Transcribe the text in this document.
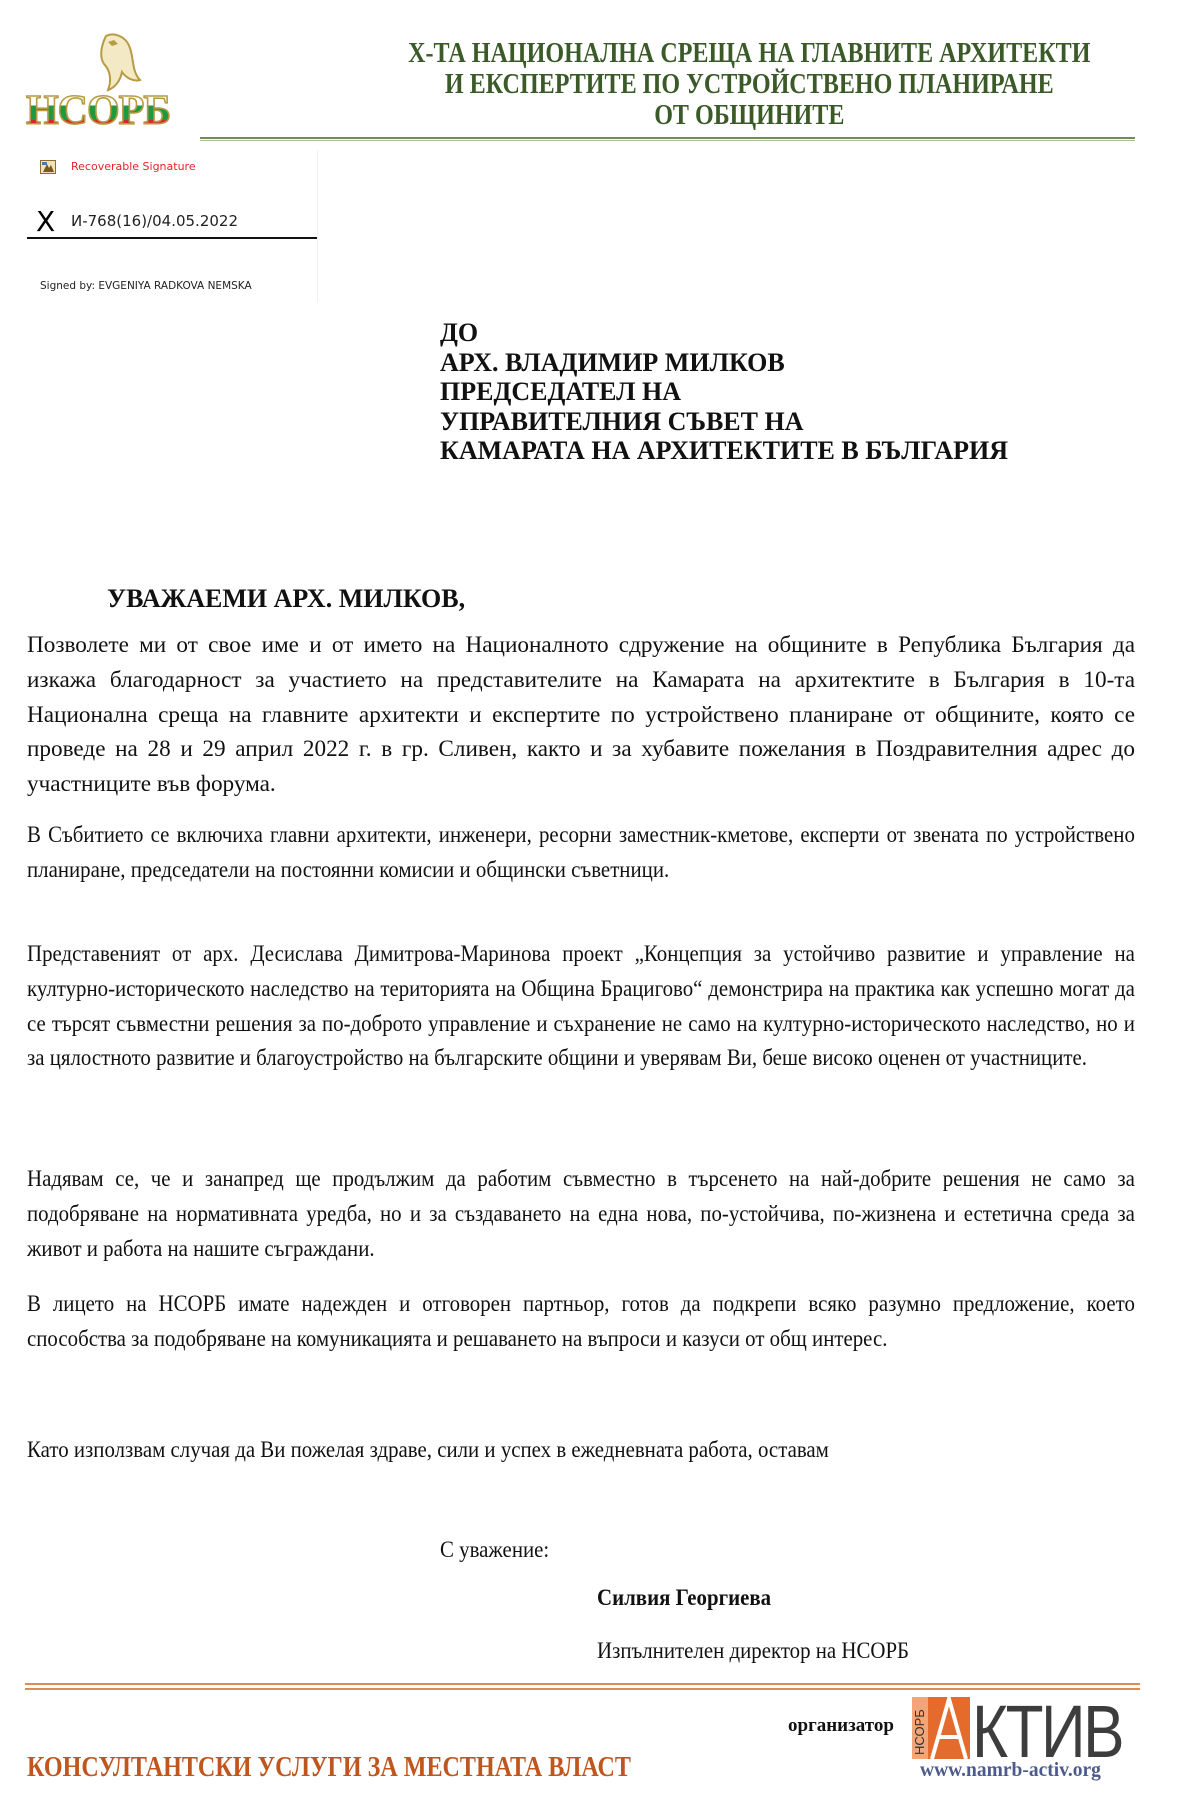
НСОРБ
Х-ТА НАЦИОНАЛНА СРЕЩА НА ГЛАВНИТЕ АРХИТЕКТИ
И ЕКСПЕРТИТЕ ПО УСТРОЙСТВЕНО ПЛАНИРАНЕ
ОТ ОБЩИНИТЕ
Recoverable Signature
X И-768(16)/04.05.2022
Signed by: EVGENIYA RADKOVA NEMSKA
ДО
АРХ. ВЛАДИМИР МИЛКОВ
ПРЕДСЕДАТЕЛ НА
УПРАВИТЕЛНИЯ СЪВЕТ НА
КАМАРАТА НА АРХИТЕКТИТЕ В БЪЛГАРИЯ
УВАЖАЕМИ АРХ. МИЛКОВ,
Позволете ми от свое име и от името на Националното сдружение на общините в Република България да изкажа благодарност за участието на представителите на Камарата на архитектите в България в 10-та Национална среща на главните архитекти и експертите по устройствено планиране от общините, която се проведе на 28 и 29 април 2022 г. в гр. Сливен, както и за хубавите пожелания в Поздравителния адрес до участниците във форума.
В Събитието се включиха главни архитекти, инженери, ресорни заместник-кметове, експерти от звената по устройствено планиране, председатели на постоянни комисии и общински съветници.
Представеният от арх. Десислава Димитрова-Маринова проект „Концепция за устойчиво развитие и управление на културно-историческото наследство на територията на Община Брацигово“ демонстрира на практика как успешно могат да се търсят съвместни решения за по-доброто управление и съхранение не само на културно-историческото наследство, но и за цялостното развитие и благоустройство на българските общини и уверявам Ви, беше високо оценен от участниците.
Надявам се, че и занапред ще продължим да работим съвместно в търсенето на най-добрите решения не само за подобряване на нормативната уредба, но и за създаването на една нова, по-устойчива, по-жизнена и естетична среда за живот и работа на нашите съграждани.
В лицето на НСОРБ имате надежден и отговорен партньор, готов да подкрепи всяко разумно предложение, което способства за подобряване на комуникацията и решаването на въпроси и казуси от общ интерес.
Като използвам случая да Ви пожелая здраве, сили и успех в ежедневната работа, оставам
С уважение:
Силвия Георгиева
Изпълнителен директор на НСОРБ
КОНСУЛТАНТСКИ УСЛУГИ ЗА МЕСТНАТА ВЛАСТ
организатор НСОРБ КТИВ
www.namrb-activ.org
